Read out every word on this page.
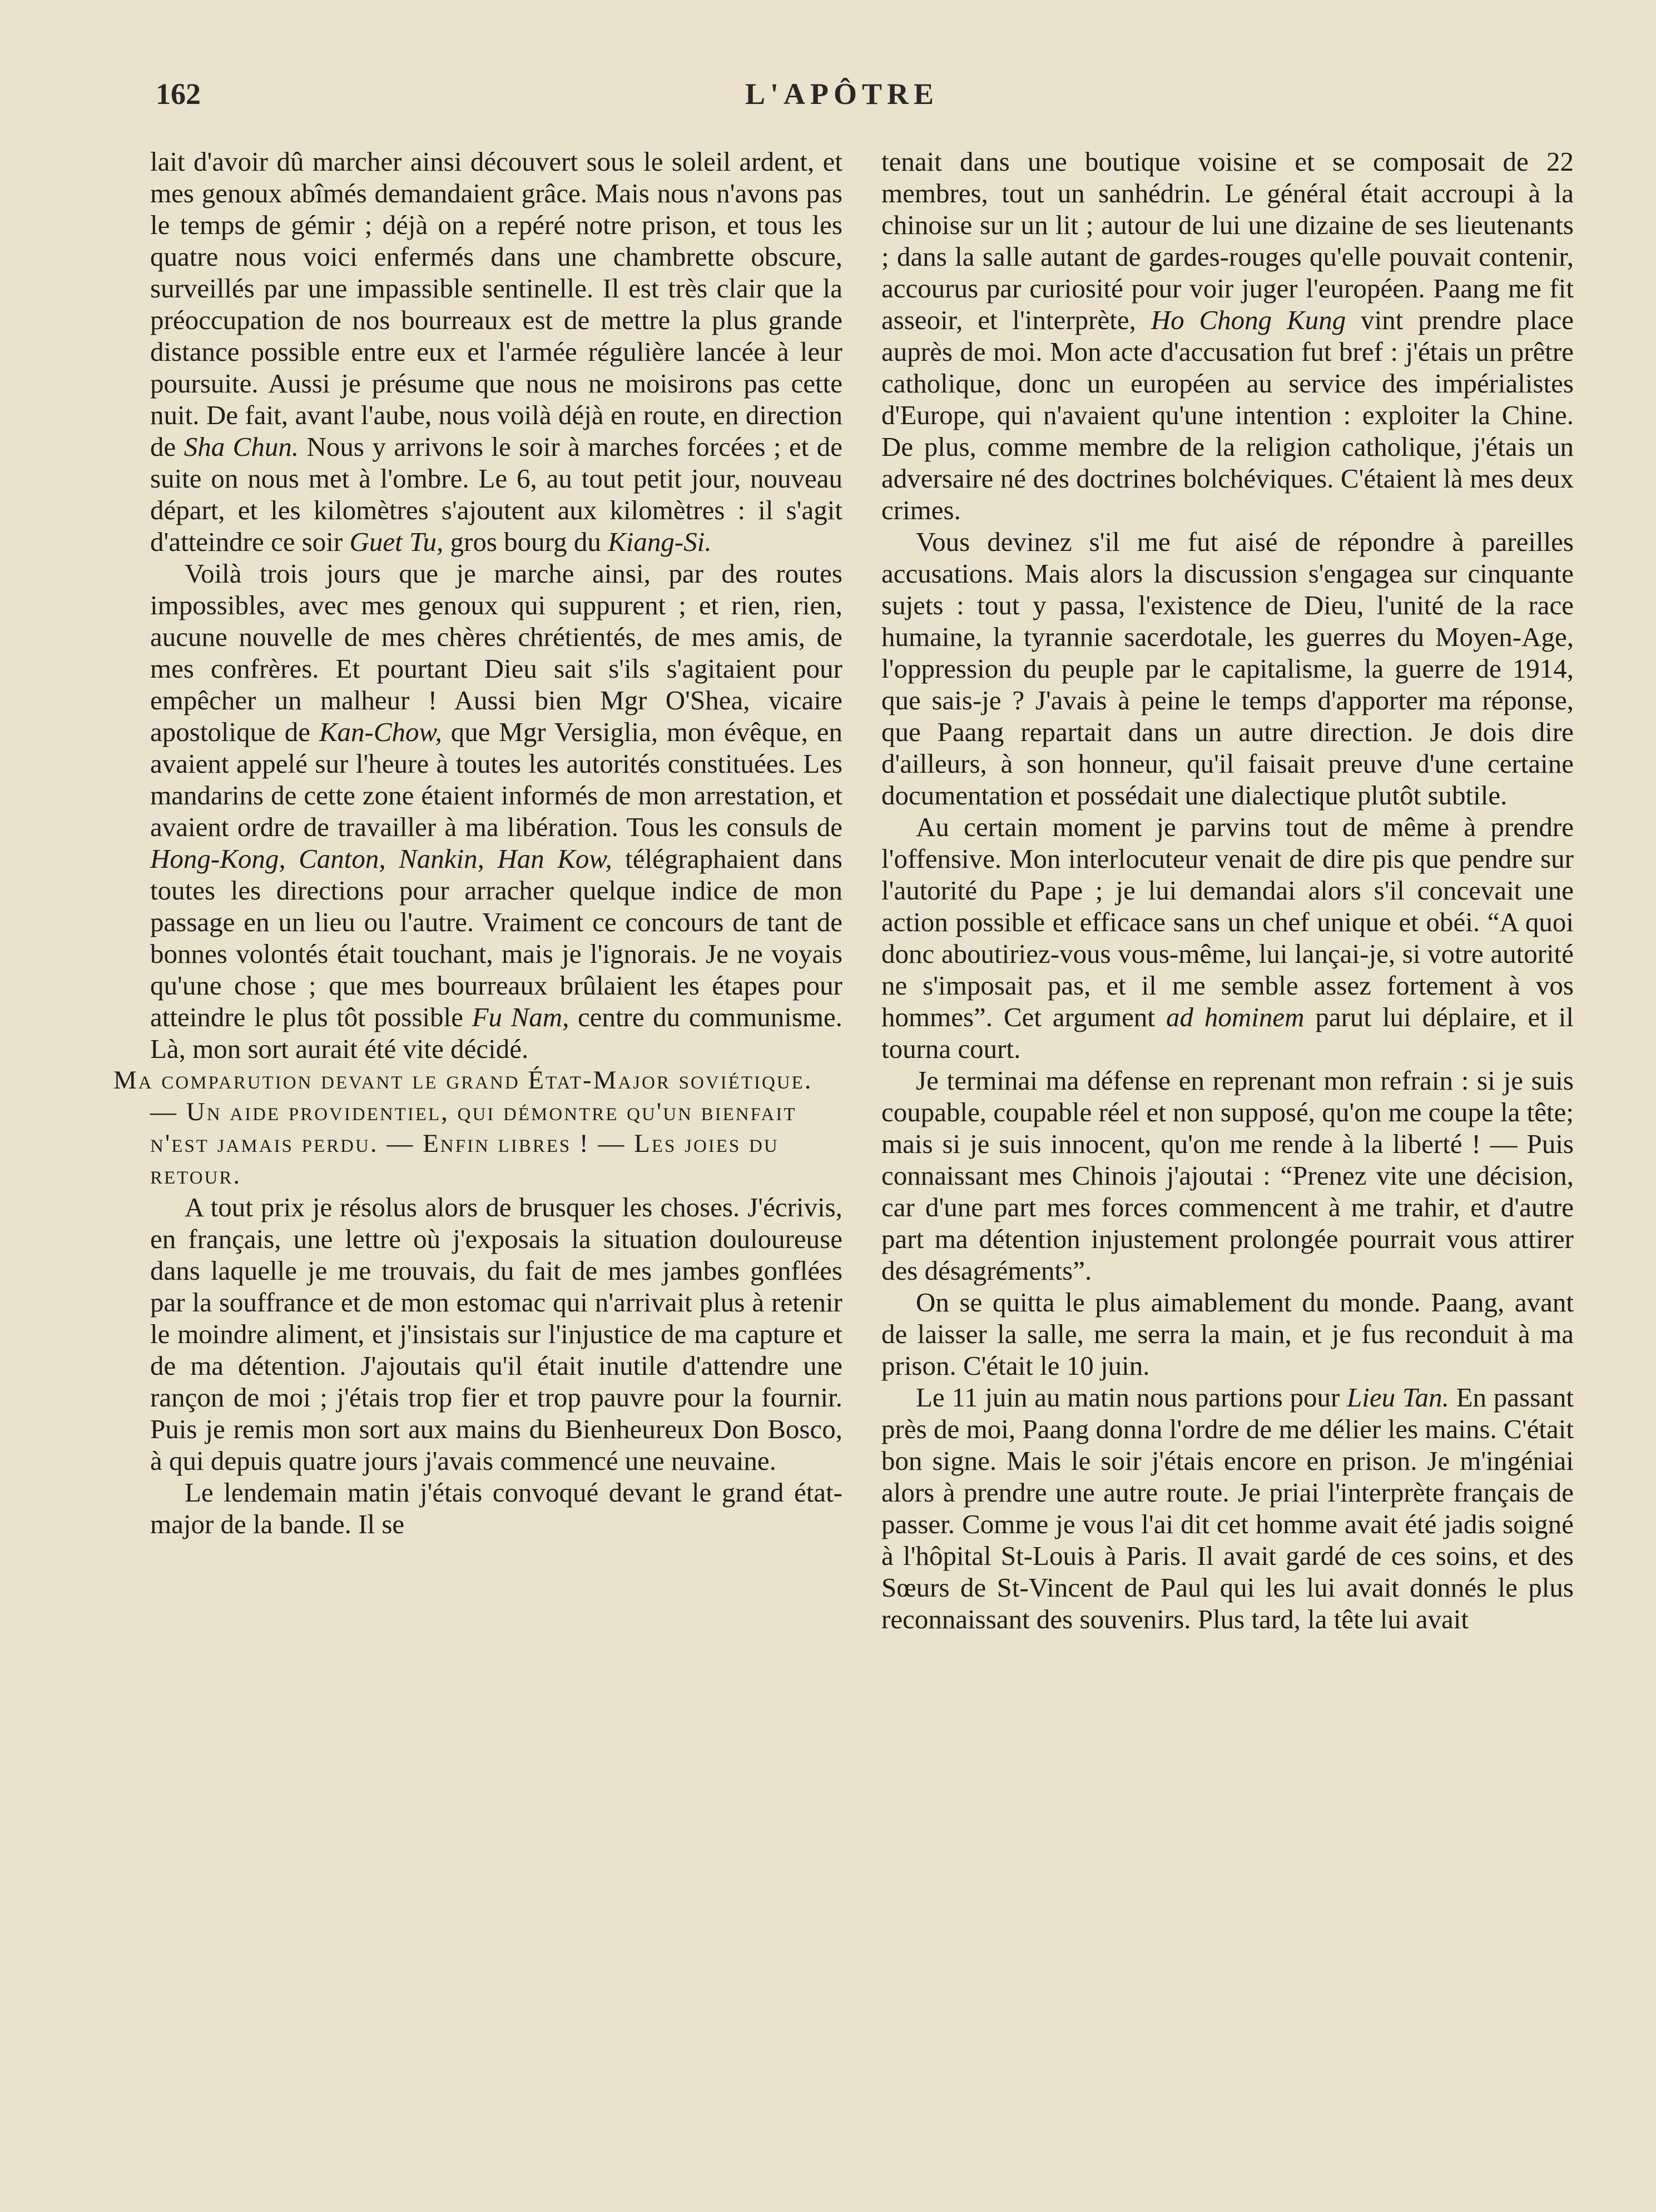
162	L'APÔTRE

lait d'avoir dû marcher ainsi découvert sous le soleil ardent, et mes genoux abîmés demandaient grâce. Mais nous n'avons pas le temps de gémir ; déjà on a repéré notre prison, et tous les quatre nous voici enfermés dans une chambrette obscure, surveillés par une impassible sentinelle. Il est très clair que la préoccupation de nos bourreaux est de mettre la plus grande distance possible entre eux et l'armée régulière lancée à leur poursuite. Aussi je présume que nous ne moisirons pas cette nuit. De fait, avant l'aube, nous voilà déjà en route, en direction de Sha Chun. Nous y arrivons le soir à marches forcées ; et de suite on nous met à l'ombre. Le 6, au tout petit jour, nouveau départ, et les kilomètres s'ajoutent aux kilomètres : il s'agit d'atteindre ce soir Guet Tu, gros bourg du Kiang-Si.

Voilà trois jours que je marche ainsi, par des routes impossibles, avec mes genoux qui suppurent ; et rien, rien, aucune nouvelle de mes chères chrétientés, de mes amis, de mes confrères. Et pourtant Dieu sait s'ils s'agitaient pour empêcher un malheur ! Aussi bien Mgr O'Shea, vicaire apostolique de Kan-Chow, que Mgr Versiglia, mon évêque, en avaient appelé sur l'heure à toutes les autorités constituées. Les mandarins de cette zone étaient informés de mon arrestation, et avaient ordre de travailler à ma libération. Tous les consuls de Hong-Kong, Canton, Nankin, Han Kow, télégraphaient dans toutes les directions pour arracher quelque indice de mon passage en un lieu ou l'autre. Vraiment ce concours de tant de bonnes volontés était touchant, mais je l'ignorais. Je ne voyais qu'une chose ; que mes bourreaux brûlaient les étapes pour atteindre le plus tôt possible Fu Nam, centre du communisme. Là, mon sort aurait été vite décidé.

Ma comparution devant le grand État-Major soviétique. — Un aide providentiel, qui démontre qu'un bienfait n'est jamais perdu. — Enfin libres ! — Les joies du retour.

A tout prix je résolus alors de brusquer les choses. J'écrivis, en français, une lettre où j'exposais la situation douloureuse dans laquelle je me trouvais, du fait de mes jambes gonflées par la souffrance et de mon estomac qui n'arrivait plus à retenir le moindre aliment, et j'insistais sur l'injustice de ma capture et de ma détention. J'ajoutais qu'il était inutile d'attendre une rançon de moi ; j'étais trop fier et trop pauvre pour la fournir. Puis je remis mon sort aux mains du Bienheureux Don Bosco, à qui depuis quatre jours j'avais commencé une neuvaine.

Le lendemain matin j'étais convoqué devant le grand état-major de la bande. Il se

tenait dans une boutique voisine et se composait de 22 membres, tout un sanhédrin. Le général était accroupi à la chinoise sur un lit ; autour de lui une dizaine de ses lieutenants ; dans la salle autant de gardes-rouges qu'elle pouvait contenir, accourus par curiosité pour voir juger l'européen. Paang me fit asseoir, et l'interprète, Ho Chong Kung vint prendre place auprès de moi. Mon acte d'accusation fut bref : j'étais un prêtre catholique, donc un européen au service des impérialistes d'Europe, qui n'avaient qu'une intention : exploiter la Chine. De plus, comme membre de la religion catholique, j'étais un adversaire né des doctrines bolchéviques. C'étaient là mes deux crimes.

Vous devinez s'il me fut aisé de répondre à pareilles accusations. Mais alors la discussion s'engagea sur cinquante sujets : tout y passa, l'existence de Dieu, l'unité de la race humaine, la tyrannie sacerdotale, les guerres du Moyen-Age, l'oppression du peuple par le capitalisme, la guerre de 1914, que sais-je ? J'avais à peine le temps d'apporter ma réponse, que Paang repartait dans un autre direction. Je dois dire d'ailleurs, à son honneur, qu'il faisait preuve d'une certaine documentation et possédait une dialectique plutôt subtile.

Au certain moment je parvins tout de même à prendre l'offensive. Mon interlocuteur venait de dire pis que pendre sur l'autorité du Pape ; je lui demandai alors s'il concevait une action possible et efficace sans un chef unique et obéi. “A quoi donc aboutiriez-vous vous-même, lui lançai-je, si votre autorité ne s'imposait pas, et il me semble assez fortement à vos hommes”. Cet argument ad hominem parut lui déplaire, et il tourna court.

Je terminai ma défense en reprenant mon refrain : si je suis coupable, coupable réel et non supposé, qu'on me coupe la tête; mais si je suis innocent, qu'on me rende à la liberté ! — Puis connaissant mes Chinois j'ajoutai : “Prenez vite une décision, car d'une part mes forces commencent à me trahir, et d'autre part ma détention injustement prolongée pourrait vous attirer des désagréments”.

On se quitta le plus aimablement du monde. Paang, avant de laisser la salle, me serra la main, et je fus reconduit à ma prison. C'était le 10 juin.

Le 11 juin au matin nous partions pour Lieu Tan. En passant près de moi, Paang donna l'ordre de me délier les mains. C'était bon signe. Mais le soir j'étais encore en prison. Je m'ingéniai alors à prendre une autre route. Je priai l'interprète français de passer. Comme je vous l'ai dit cet homme avait été jadis soigné à l'hôpital St-Louis à Paris. Il avait gardé de ces soins, et des Sœurs de St-Vincent de Paul qui les lui avait donnés le plus reconnaissant des souvenirs. Plus tard, la tête lui avait
